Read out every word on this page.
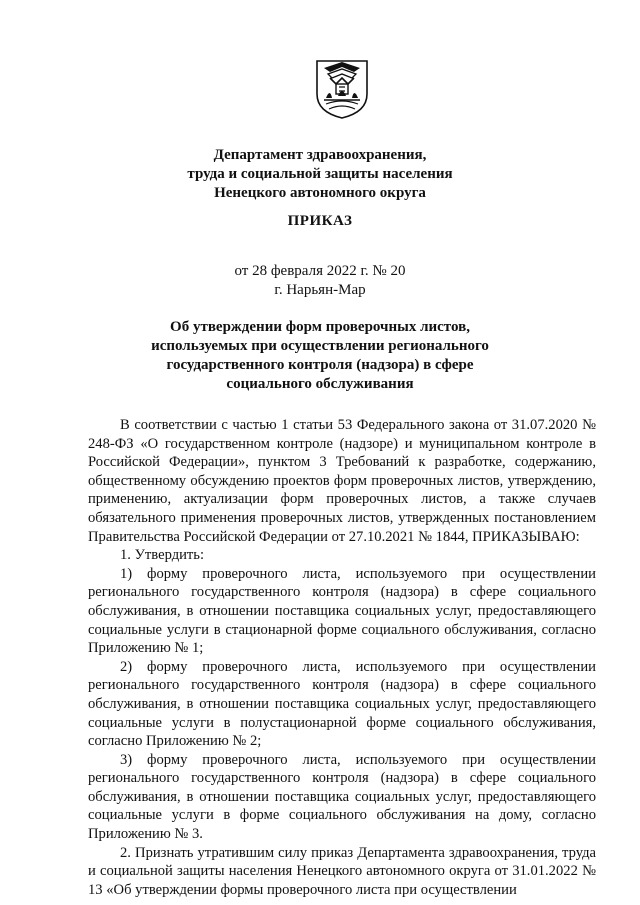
Департамент здравоохранения,
труда и социальной защиты населения
Ненецкого автономного округа
ПРИКАЗ
от 28 февраля 2022 г. № 20
г. Нарьян-Мар
Об утверждении форм проверочных листов,
используемых при осуществлении регионального
государственного контроля (надзора) в сфере
социального обслуживания

В соответствии с частью 1 статьи 53 Федерального закона от 31.07.2020 № 248-ФЗ «О государственном контроле (надзоре) и муниципальном контроле в Российской Федерации», пунктом 3 Требований к разработке, содержанию, общественному обсуждению проектов форм проверочных листов, утверждению, применению, актуализации форм проверочных листов, а также случаев обязательного применения проверочных листов, утвержденных постановлением Правительства Российской Федерации от 27.10.2021 № 1844, ПРИКАЗЫВАЮ:

1. Утвердить:

1) форму проверочного листа, используемого при осуществлении регионального государственного контроля (надзора) в сфере социального обслуживания, в отношении поставщика социальных услуг, предоставляющего социальные услуги в стационарной форме социального обслуживания, согласно Приложению № 1;

2) форму проверочного листа, используемого при осуществлении регионального государственного контроля (надзора) в сфере социального обслуживания, в отношении поставщика социальных услуг, предоставляющего социальные услуги в полустационарной форме социального обслуживания, согласно Приложению № 2;

3) форму проверочного листа, используемого при осуществлении регионального государственного контроля (надзора) в сфере социального обслуживания, в отношении поставщика социальных услуг, предоставляющего социальные услуги в форме социального обслуживания на дому, согласно Приложению № 3.

2. Признать утратившим силу приказ Департамента здравоохранения, труда и социальной защиты населения Ненецкого автономного округа от 31.01.2022 № 13 «Об утверждении формы проверочного листа при осуществлении
